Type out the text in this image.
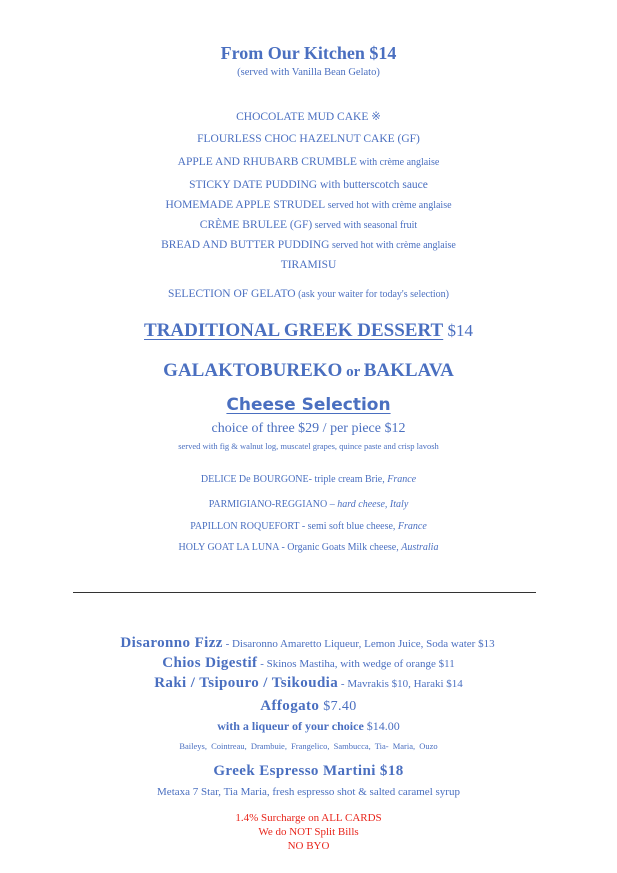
From Our Kitchen $14
(served with Vanilla Bean Gelato)
CHOCOLATE MUD CAKE ※
FLOURLESS CHOC HAZELNUT CAKE (GF)
APPLE AND RHUBARB CRUMBLE with crème anglaise
STICKY DATE PUDDING with butterscotch sauce
HOMEMADE APPLE STRUDEL served hot with crème anglaise
CRÈME BRULEE (GF) served with seasonal fruit
BREAD AND BUTTER PUDDING served hot with crème anglaise
TIRAMISU
SELECTION OF GELATO (ask your waiter for today's selection)
TRADITIONAL GREEK DESSERT $14
GALAKTOBUREKO or BAKLAVA
Cheese Selection
choice of three $29 / per piece $12
served with fig & walnut log, muscatel grapes, quince paste and crisp lavosh
DELICE De BOURGONE- triple cream Brie, France
PARMIGIANO-REGGIANO – hard cheese, Italy
PAPILLON ROQUEFORT - semi soft blue cheese, France
HOLY GOAT LA LUNA - Organic Goats Milk cheese, Australia
Disaronno Fizz - Disaronno Amaretto Liqueur, Lemon Juice, Soda water $13
Chios Digestif - Skinos Mastiha, with wedge of orange $11
Raki / Tsipouro / Tsikoudia - Mavrakis $10, Haraki $14
Affogato $7.40
with a liqueur of your choice $14.00
Baileys, Cointreau, Drambuie, Frangelico, Sambucca, Tia- Maria, Ouzo
Greek Espresso Martini $18
Metaxa 7 Star, Tia Maria, fresh espresso shot & salted caramel syrup
1.4% Surcharge on ALL CARDS
We do NOT Split Bills
NO BYO
